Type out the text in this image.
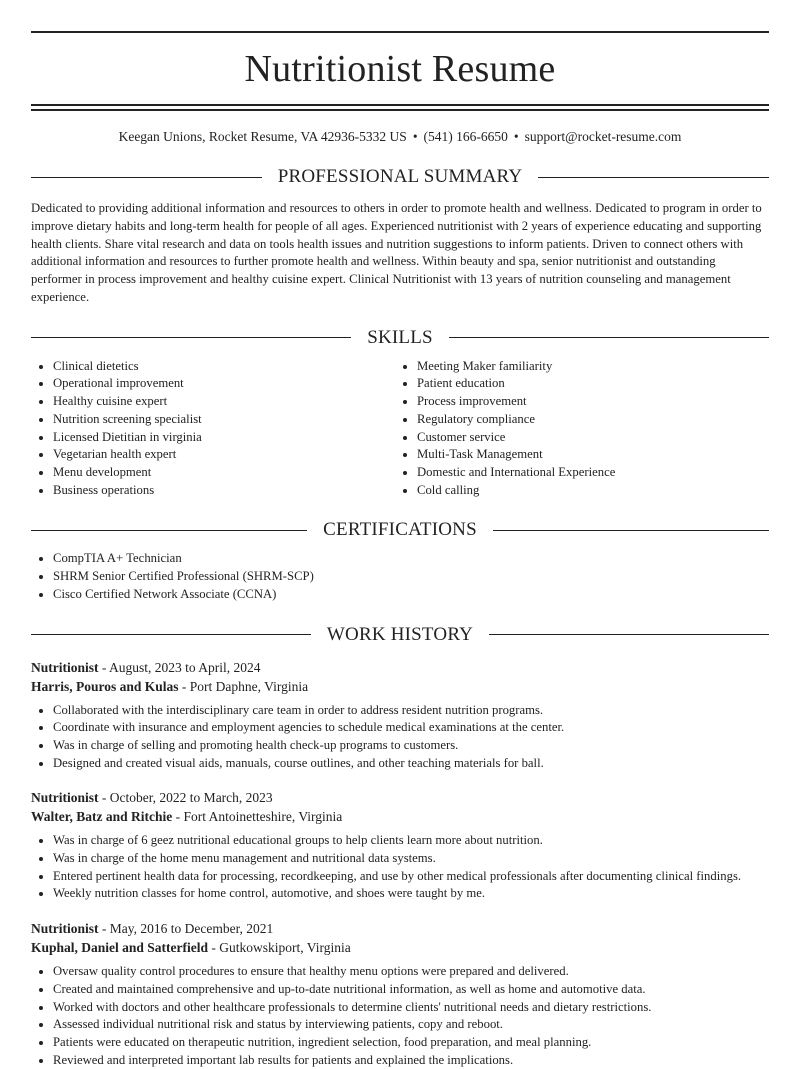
Nutritionist Resume
Keegan Unions, Rocket Resume, VA 42936-5332 US • (541) 166-6650 • support@rocket-resume.com
PROFESSIONAL SUMMARY
Dedicated to providing additional information and resources to others in order to promote health and wellness. Dedicated to program in order to improve dietary habits and long-term health for people of all ages. Experienced nutritionist with 2 years of experience educating and supporting health clients. Share vital research and data on tools health issues and nutrition suggestions to inform patients. Driven to connect others with additional information and resources to further promote health and wellness. Within beauty and spa, senior nutritionist and outstanding performer in process improvement and healthy cuisine expert. Clinical Nutritionist with 13 years of nutrition counseling and management experience.
SKILLS
• Clinical dietetics
• Operational improvement
• Healthy cuisine expert
• Nutrition screening specialist
• Licensed Dietitian in virginia
• Vegetarian health expert
• Menu development
• Business operations
• Meeting Maker familiarity
• Patient education
• Process improvement
• Regulatory compliance
• Customer service
• Multi-Task Management
• Domestic and International Experience
• Cold calling
CERTIFICATIONS
• CompTIA A+ Technician
• SHRM Senior Certified Professional (SHRM-SCP)
• Cisco Certified Network Associate (CCNA)
WORK HISTORY
Nutritionist - August, 2023 to April, 2024
Harris, Pouros and Kulas - Port Daphne, Virginia
• Collaborated with the interdisciplinary care team in order to address resident nutrition programs.
• Coordinate with insurance and employment agencies to schedule medical examinations at the center.
• Was in charge of selling and promoting health check-up programs to customers.
• Designed and created visual aids, manuals, course outlines, and other teaching materials for ball.
Nutritionist - October, 2022 to March, 2023
Walter, Batz and Ritchie - Fort Antoinetteshire, Virginia
• Was in charge of 6 geez nutritional educational groups to help clients learn more about nutrition.
• Was in charge of the home menu management and nutritional data systems.
• Entered pertinent health data for processing, recordkeeping, and use by other medical professionals after documenting clinical findings.
• Weekly nutrition classes for home control, automotive, and shoes were taught by me.
Nutritionist - May, 2016 to December, 2021
Kuphal, Daniel and Satterfield - Gutkowskiport, Virginia
• Oversaw quality control procedures to ensure that healthy menu options were prepared and delivered.
• Created and maintained comprehensive and up-to-date nutritional information, as well as home and automotive data.
• Worked with doctors and other healthcare professionals to determine clients' nutritional needs and dietary restrictions.
• Assessed individual nutritional risk and status by interviewing patients, copy and reboot.
• Patients were educated on therapeutic nutrition, ingredient selection, food preparation, and meal planning.
• Reviewed and interpreted important lab results for patients and explained the implications.
